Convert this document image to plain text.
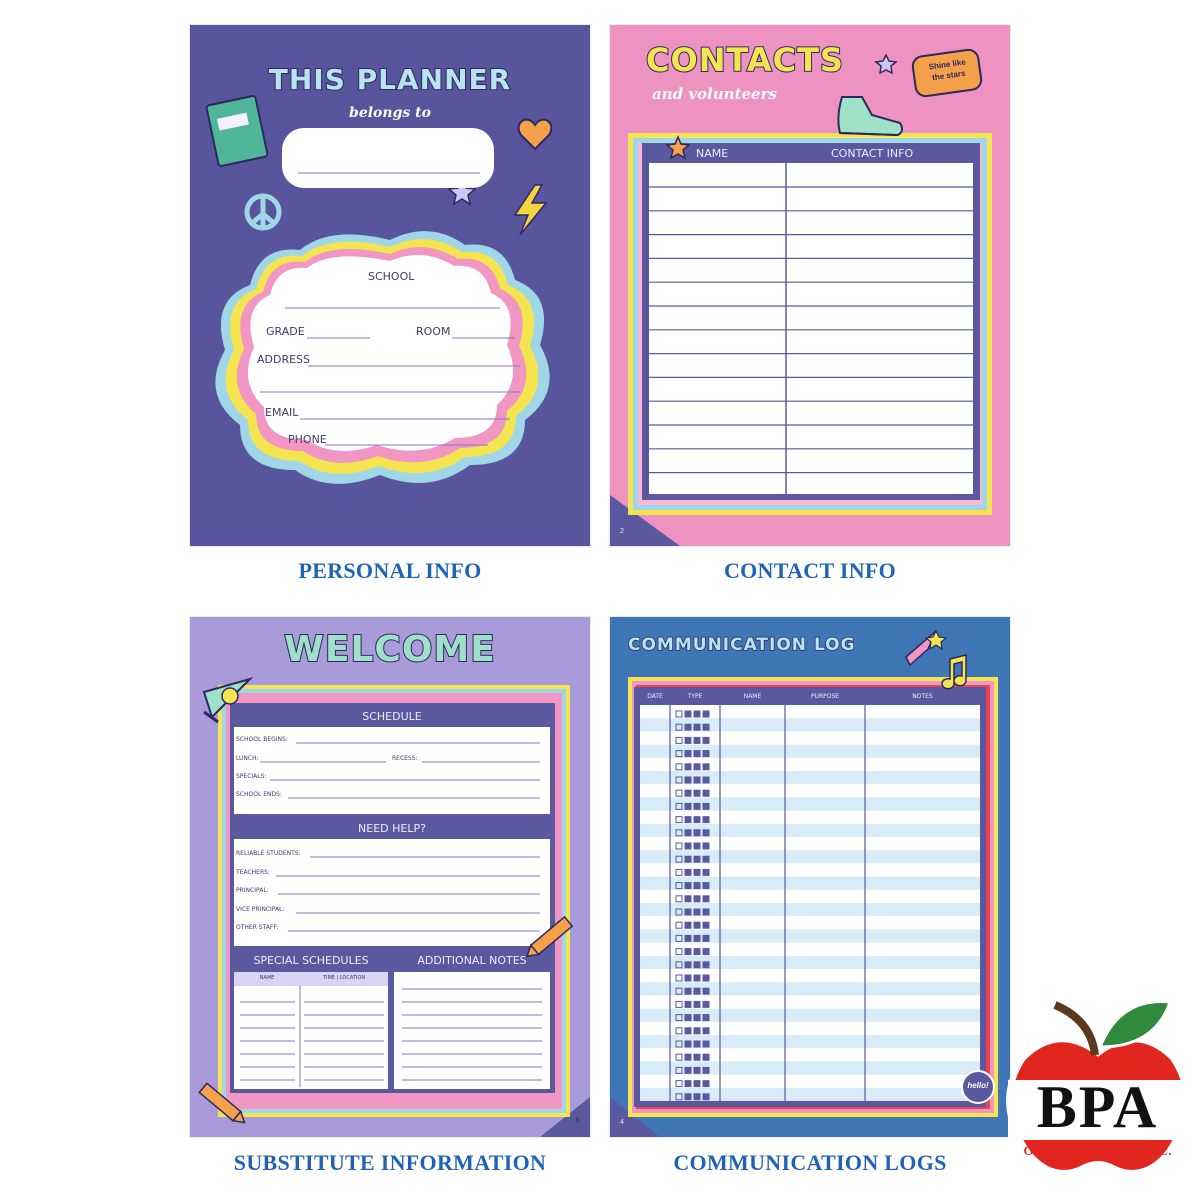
THIS PLANNER
belongs to
SCHOOL
GRADE	ROOM
ADDRESS
EMAIL
PHONE
PERSONAL INFO
CONTACTS
and volunteers
Shine like the stars
NAME	CONTACT INFO
2
CONTACT INFO
WELCOME
SCHEDULE
SCHOOL BEGINS:
LUNCH:	RECESS:
SPECIALS:
SCHOOL ENDS:
NEED HELP?
RELIABLE STUDENTS:
TEACHERS:
PRINCIPAL:
VICE PRINCIPAL:
OTHER STAFF:
SPECIAL SCHEDULES	ADDITIONAL NOTES
NAME	TIME | LOCATION
3
SUBSTITUTE INFORMATION
COMMUNICATION LOG
DATE	TYPE	NAME	PURPOSE	NOTES
hello!
4
COMMUNICATION LOGS
BPA
OFFICE SUPPLIES, INC.
